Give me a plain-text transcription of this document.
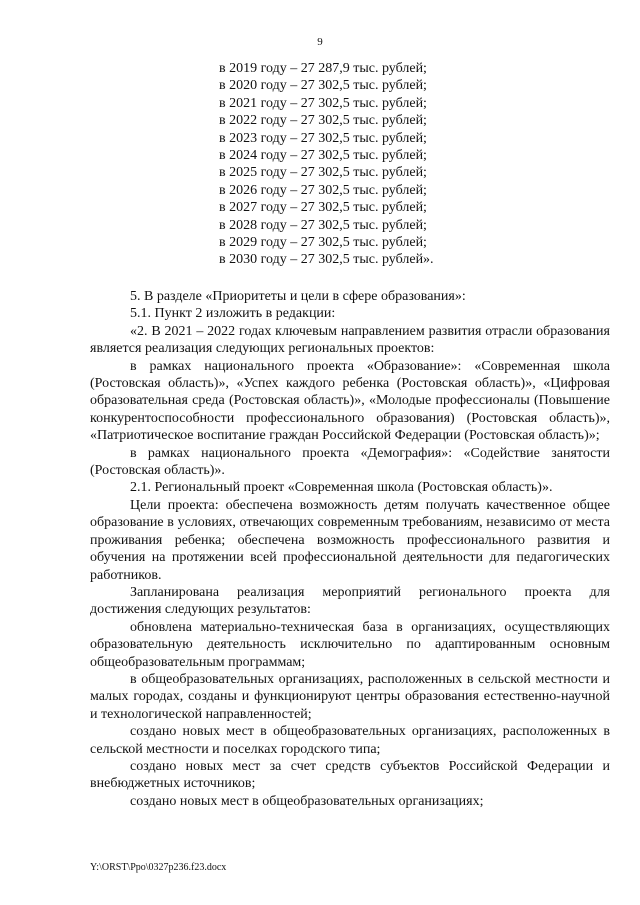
9
в 2019 году – 27 287,9 тыс. рублей;
в 2020 году – 27 302,5 тыс. рублей;
в 2021 году – 27 302,5 тыс. рублей;
в 2022 году – 27 302,5 тыс. рублей;
в 2023 году – 27 302,5 тыс. рублей;
в 2024 году – 27 302,5 тыс. рублей;
в 2025 году – 27 302,5 тыс. рублей;
в 2026 году – 27 302,5 тыс. рублей;
в 2027 году – 27 302,5 тыс. рублей;
в 2028 году – 27 302,5 тыс. рублей;
в 2029 году – 27 302,5 тыс. рублей;
в 2030 году – 27 302,5 тыс. рублей».

5. В разделе «Приоритеты и цели в сфере образования»:

5.1. Пункт 2 изложить в редакции:

«2. В 2021 – 2022 годах ключевым направлением развития отрасли образования является реализация следующих региональных проектов:

в рамках национального проекта «Образование»: «Современная школа (Ростовская область)», «Успех каждого ребенка (Ростовская область)», «Цифровая образовательная среда (Ростовская область)», «Молодые профессионалы (Повышение конкурентоспособности профессионального образования) (Ростовская область)», «Патриотическое воспитание граждан Российской Федерации (Ростовская область)»;

в рамках национального проекта «Демография»: «Содействие занятости (Ростовская область)».

2.1. Региональный проект «Современная школа (Ростовская область)».

Цели проекта: обеспечена возможность детям получать качественное общее образование в условиях, отвечающих современным требованиям, независимо от места проживания ребенка; обеспечена возможность профессионального развития и обучения на протяжении всей профессиональной деятельности для педагогических работников.

Запланирована реализация мероприятий регионального проекта для достижения следующих результатов:

обновлена материально-техническая база в организациях, осуществляющих образовательную деятельность исключительно по адаптированным основным общеобразовательным программам;

в общеобразовательных организациях, расположенных в сельской местности и малых городах, созданы и функционируют центры образования естественно-научной и технологической направленностей;

создано новых мест в общеобразовательных организациях, расположенных в сельской местности и поселках городского типа;

создано новых мест за счет средств субъектов Российской Федерации и внебюджетных источников;

создано новых мест в общеобразовательных организациях;

Y:\ORST\Ppo\0327p236.f23.docx
